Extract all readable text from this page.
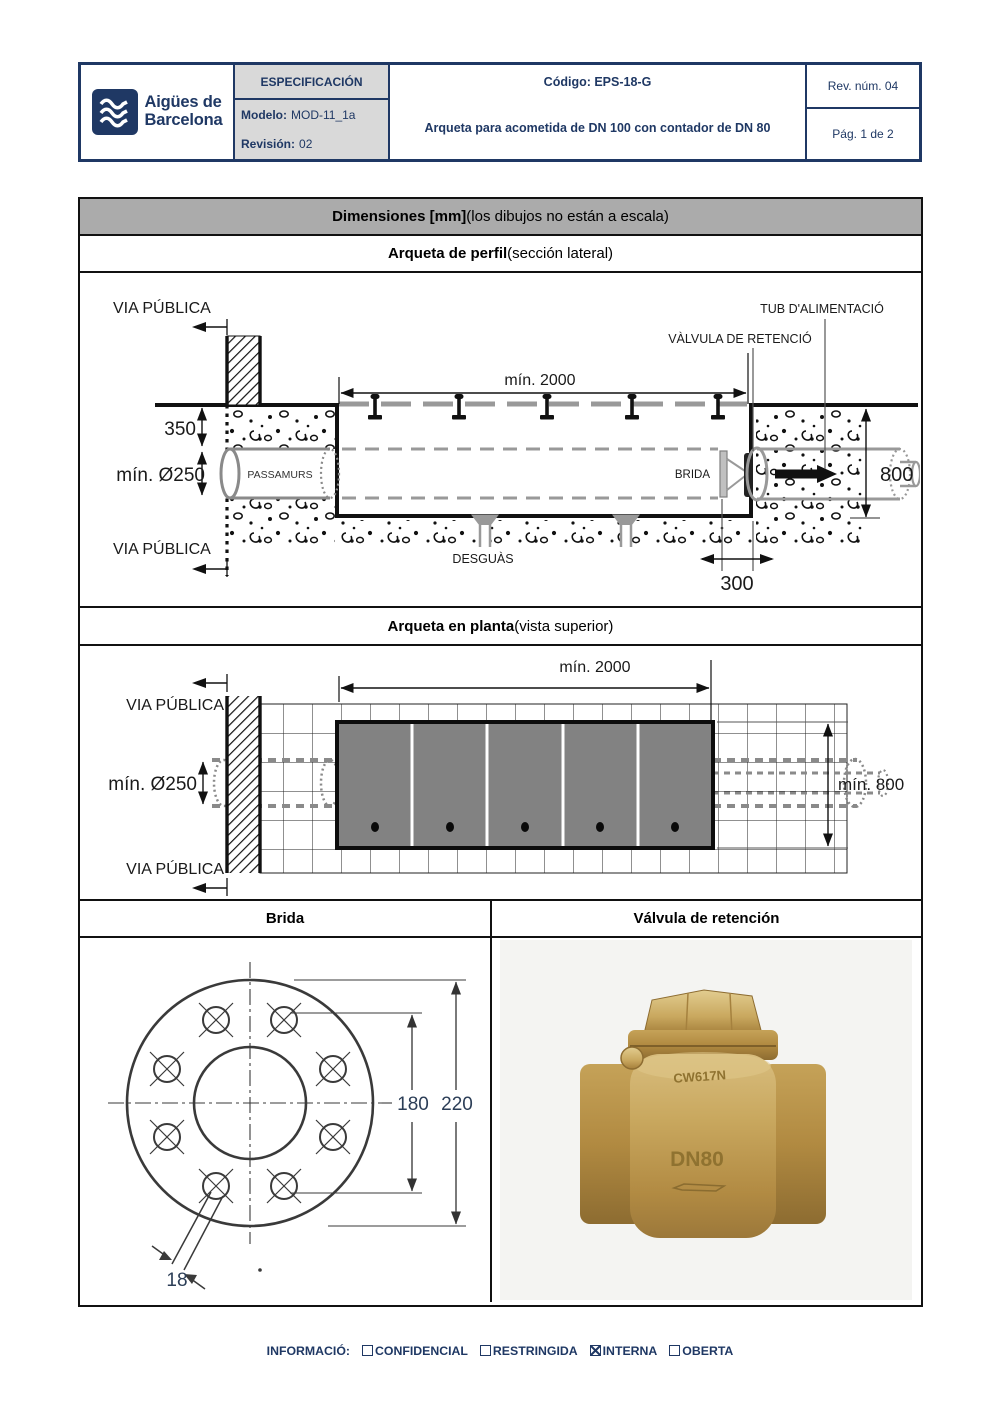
Aigües de
Barcelona
ESPECIFICACIÓN
Modelo: MOD-11_1a
Revisión: 02
Código: EPS-18-G
Arqueta para acometida de DN 100 con contador de DN 80
Rev. núm. 04
Pág. 1 de 2
Dimensiones [mm] (los dibujos no están a escala)
Arqueta de perfil (sección lateral)
PASSAMURS
DESGUÀS
VIA PÚBLICA
VIA PÚBLICA
mín. 2000
TUB D'ALIMENTACIÓ
VÀLVULA DE RETENCIÓ
BRIDA
350
mín. Ø250	800
300
Arqueta en planta (vista superior)
mín. 2000
VIA PÚBLICA
VIA PÚBLICA
mín. Ø250	mín. 800
Brida	Válvula de retención
180 220
18
CW617N
DN80
INFORMACIÓ: CONFIDENCIAL RESTRINGIDA INTERNA OBERTA
